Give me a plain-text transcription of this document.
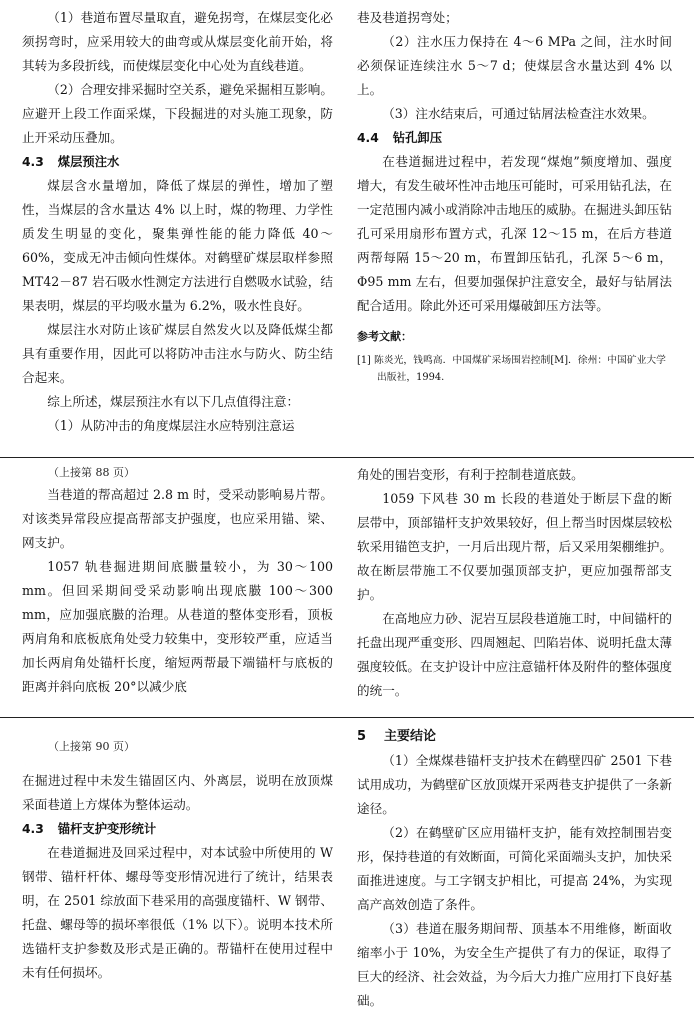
（1）巷道布置尽量取直，避免拐弯，在煤层变化必须拐弯时，应采用较大的曲弯或从煤层变化前开始，将其转为多段折线，而使煤层变化中心处为直线巷道。

（2）合理安排采掘时空关系，避免采掘相互影响。应避开上段工作面采煤，下段掘进的对头施工现象，防止开采动压叠加。

4.3 煤层预注水

煤层含水量增加，降低了煤层的弹性，增加了塑性，当煤层的含水量达 4% 以上时，煤的物理、力学性质发生明显的变化，聚集弹性能的能力降低 40～60%，变成无冲击倾向性煤体。对鹤壁矿煤层取样参照 MT42－87 岩石吸水性测定方法进行自燃吸水试验，结果表明，煤层的平均吸水量为 6.2%，吸水性良好。

煤层注水对防止该矿煤层自然发火以及降低煤尘都具有重要作用，因此可以将防冲击注水与防火、防尘结合起来。

综上所述，煤层预注水有以下几点值得注意：

（1）从防冲击的角度煤层注水应特别注意运

巷及巷道拐弯处；

（2）注水压力保持在 4～6 MPa 之间，注水时间必须保证连续注水 5～7 d；使煤层含水量达到 4% 以上。

（3）注水结束后，可通过钻屑法检查注水效果。

4.4 钻孔卸压

在巷道掘进过程中，若发现“煤炮”频度增加、强度增大，有发生破坏性冲击地压可能时，可采用钻孔法，在一定范围内减小或消除冲击地压的威胁。在掘进头卸压钻孔可采用扇形布置方式，孔深 12～15 m，在后方巷道两帮每隔 15～20 m，布置卸压钻孔，孔深 5～6 m，Φ95 mm 左右，但要加强保护注意安全，最好与钻屑法配合适用。除此外还可采用爆破卸压方法等。

参考文献：

[1] 陈炎光，钱鸣高．中国煤矿采场围岩控制[M]．徐州：中国矿业大学出版社，1994.

（上接第 88 页）

当巷道的帮高超过 2.8 m 时，受采动影响易片帮。对该类异常段应提高帮部支护强度，也应采用锚、梁、网支护。

1057 轨巷掘进期间底臌量较小，为 30～100 mm。但回采期间受采动影响出现底臌 100～300 mm，应加强底臌的治理。从巷道的整体变形看，顶板两肩角和底板底角处受力较集中，变形较严重，应适当加长两肩角处锚杆长度，缩短两帮最下端锚杆与底板的距离并斜向底板 20°以减少底

角处的围岩变形，有利于控制巷道底鼓。

1059 下风巷 30 m 长段的巷道处于断层下盘的断层带中，顶部锚杆支护效果较好，但上帮当时因煤层较松软采用锚笆支护，一月后出现片帮，后又采用架棚维护。故在断层带施工不仅要加强顶部支护，更应加强帮部支护。

在高地应力砂、泥岩互层段巷道施工时，中间锚杆的托盘出现严重变形、四周翘起、凹陷岩体、说明托盘太薄强度较低。在支护设计中应注意锚杆体及附件的整体强度的统一。

（上接第 90 页）

在掘进过程中未发生锚固区内、外离层，说明在放顶煤采面巷道上方煤体为整体运动。

4.3 锚杆支护变形统计

在巷道掘进及回采过程中，对本试验中所使用的 W 钢带、锚杆杆体、螺母等变形情况进行了统计，结果表明，在 2501 综放面下巷采用的高强度锚杆、W 钢带、托盘、螺母等的损坏率很低（1% 以下）。说明本技术所选锚杆支护参数及形式是正确的。帮锚杆在使用过程中未有任何损坏。

5 主要结论

（1）全煤煤巷锚杆支护技术在鹤壁四矿 2501 下巷试用成功，为鹤壁矿区放顶煤开采两巷支护提供了一条新途径。

（2）在鹤壁矿区应用锚杆支护，能有效控制围岩变形，保持巷道的有效断面，可简化采面端头支护，加快采面推进速度。与工字钢支护相比，可提高 24%，为实现高产高效创造了条件。

（3）巷道在服务期间帮、顶基本不用维修，断面收缩率小于 10%，为安全生产提供了有力的保证，取得了巨大的经济、社会效益，为今后大力推广应用打下良好基础。
